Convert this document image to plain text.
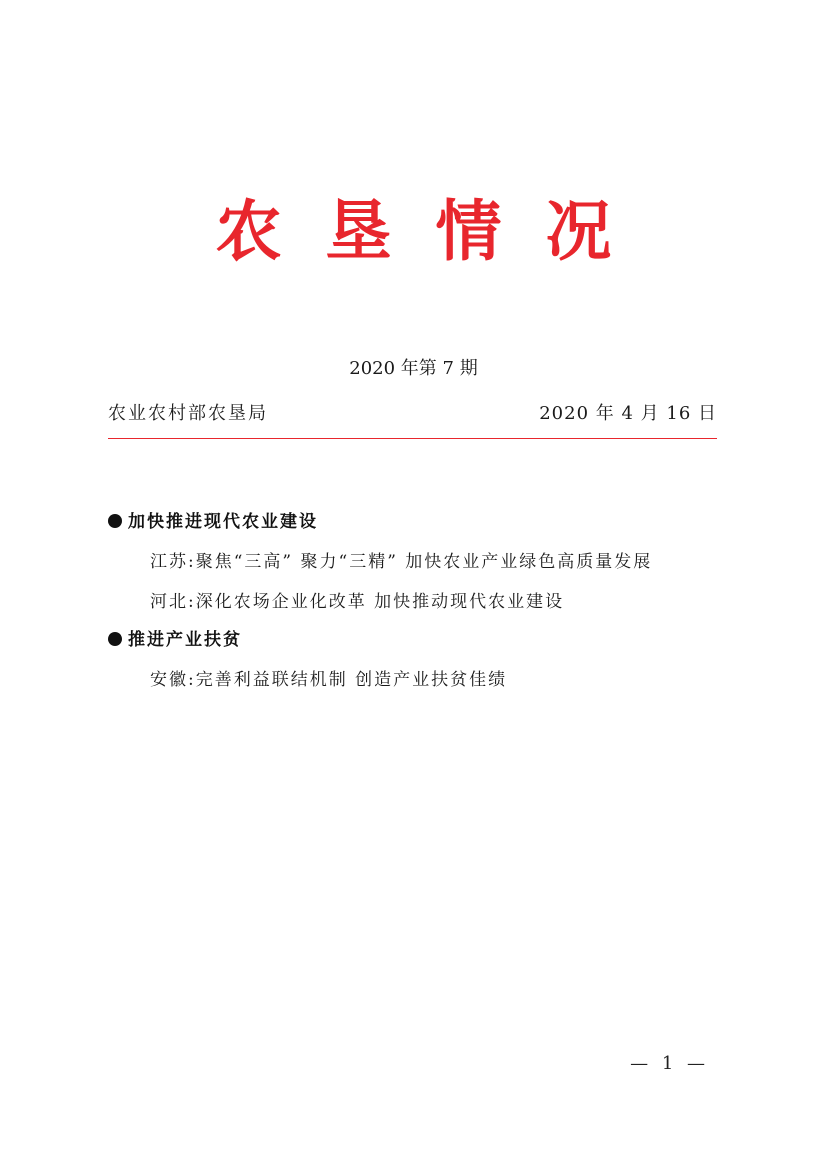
农垦情况
2020 年第 7 期
农业农村部农垦局	2020 年 4 月 16 日
加快推进现代农业建设
江苏:聚焦“三高” 聚力“三精” 加快农业产业绿色高质量发展
河北:深化农场企业化改革 加快推动现代农业建设
推进产业扶贫
安徽:完善利益联结机制 创造产业扶贫佳绩
— 1 —
